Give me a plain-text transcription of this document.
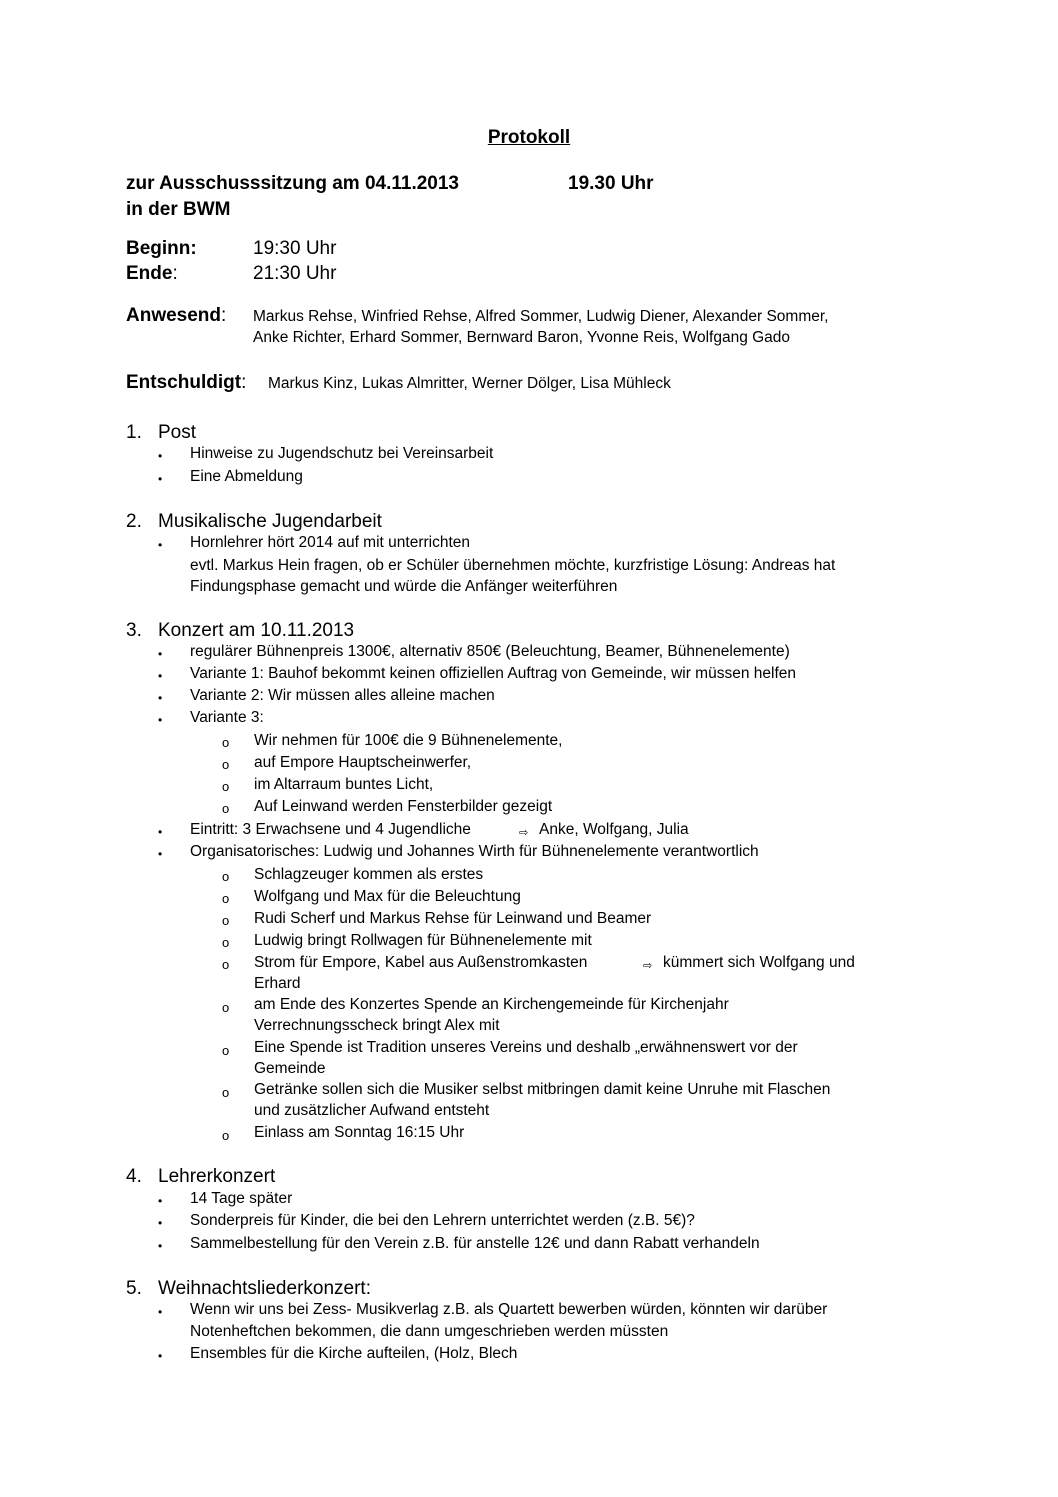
Protokoll
zur Ausschusssitzung am 04.11.2013	19.30 Uhr
in der BWM
Beginn:	19:30 Uhr
Ende:	21:30 Uhr
Anwesend: Markus Rehse, Winfried Rehse, Alfred Sommer, Ludwig Diener, Alexander Sommer,
Anke Richter, Erhard Sommer, Bernward Baron, Yvonne Reis, Wolfgang Gado
Entschuldigt: Markus Kinz, Lukas Almritter, Werner Dölger, Lisa Mühleck
1. Post
• Hinweise zu Jugendschutz bei Vereinsarbeit
• Eine Abmeldung
2. Musikalische Jugendarbeit
• Hornlehrer hört 2014 auf mit unterrichten
evtl. Markus Hein fragen, ob er Schüler übernehmen möchte, kurzfristige Lösung: Andreas hat
Findungsphase gemacht und würde die Anfänger weiterführen
3. Konzert am 10.11.2013
• regulärer Bühnenpreis 1300€, alternativ 850€ (Beleuchtung, Beamer, Bühnenelemente)
• Variante 1: Bauhof bekommt keinen offiziellen Auftrag von Gemeinde, wir müssen helfen
• Variante 2: Wir müssen alles alleine machen
• Variante 3:
o Wir nehmen für 100€ die 9 Bühnenelemente,
o auf Empore Hauptscheinwerfer,
o im Altarraum buntes Licht,
o Auf Leinwand werden Fensterbilder gezeigt
• Eintritt: 3 Erwachsene und 4 Jugendliche	⇨ Anke, Wolfgang, Julia
• Organisatorisches: Ludwig und Johannes Wirth für Bühnenelemente verantwortlich
o Schlagzeuger kommen als erstes
o Wolfgang und Max für die Beleuchtung
o Rudi Scherf und Markus Rehse für Leinwand und Beamer
o Ludwig bringt Rollwagen für Bühnenelemente mit
o Strom für Empore, Kabel aus Außenstromkasten	⇨ kümmert sich Wolfgang und
Erhard
o am Ende des Konzertes Spende an Kirchengemeinde für Kirchenjahr
Verrechnungsscheck bringt Alex mit
o Eine Spende ist Tradition unseres Vereins und deshalb „erwähnenswert vor der
Gemeinde
o Getränke sollen sich die Musiker selbst mitbringen damit keine Unruhe mit Flaschen
und zusätzlicher Aufwand entsteht
o Einlass am Sonntag 16:15 Uhr
4. Lehrerkonzert
• 14 Tage später
• Sonderpreis für Kinder, die bei den Lehrern unterrichtet werden (z.B. 5€)?
• Sammelbestellung für den Verein z.B. für anstelle 12€ und dann Rabatt verhandeln
5. Weihnachtsliederkonzert:
• Wenn wir uns bei Zess- Musikverlag z.B. als Quartett bewerben würden, könnten wir darüber
Notenheftchen bekommen, die dann umgeschrieben werden müssten
• Ensembles für die Kirche aufteilen, (Holz, Blech
